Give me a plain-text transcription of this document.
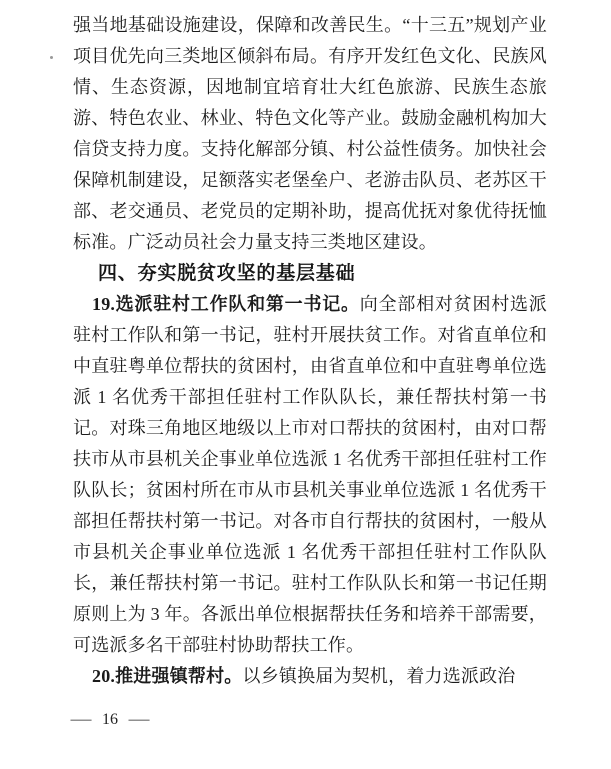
强当地基础设施建设，保障和改善民生。“十三五”规划产业项目优先向三类地区倾斜布局。有序开发红色文化、民族风情、生态资源，因地制宜培育壮大红色旅游、民族生态旅游、特色农业、林业、特色文化等产业。鼓励金融机构加大信贷支持力度。支持化解部分镇、村公益性债务。加快社会保障机制建设，足额落实老堡垒户、老游击队员、老苏区干部、老交通员、老党员的定期补助，提高优抚对象优待抚恤标准。广泛动员社会力量支持三类地区建设。

四、夯实脱贫攻坚的基层基础

19.选派驻村工作队和第一书记。向全部相对贫困村选派驻村工作队和第一书记，驻村开展扶贫工作。对省直单位和中直驻粤单位帮扶的贫困村，由省直单位和中直驻粤单位选派 1 名优秀干部担任驻村工作队队长，兼任帮扶村第一书记。对珠三角地区地级以上市对口帮扶的贫困村，由对口帮扶市从市县机关企事业单位选派 1 名优秀干部担任驻村工作队队长；贫困村所在市从市县机关事业单位选派 1 名优秀干部担任帮扶村第一书记。对各市自行帮扶的贫困村，一般从市县机关企事业单位选派 1 名优秀干部担任驻村工作队队长，兼任帮扶村第一书记。驻村工作队队长和第一书记任期原则上为 3 年。各派出单位根据帮扶任务和培养干部需要，可选派多名干部驻村协助帮扶工作。

20.推进强镇帮村。以乡镇换届为契机，着力选派政治

— 16 —
